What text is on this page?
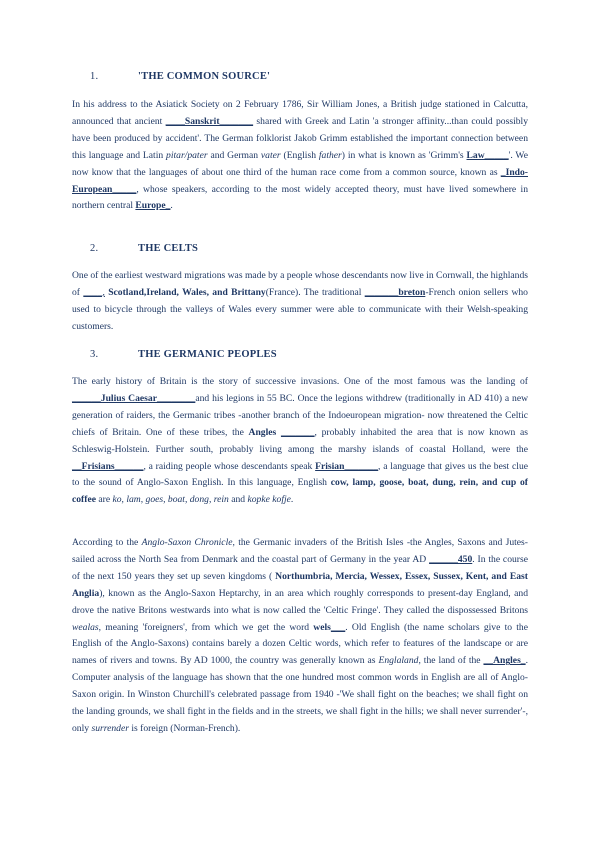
1.	'THE COMMON SOURCE'

In his address to the Asiatick Society on 2 February 1786, Sir William Jones, a British judge stationed in Calcutta, announced that ancient ____Sanskrit_______ shared with Greek and Latin 'a stronger affinity...than could possibly have been produced by accident'. The German folklorist Jakob Grimm established the important connection between this language and Latin pitar/pater and German vater (English father) in what is known as 'Grimm's Law_____'. We now know that the languages of about one third of the human race come from a common source, known as _Indo-European_____, whose speakers, according to the most widely accepted theory, must have lived somewhere in northern central Europe_.

2.	THE CELTS

One of the earliest westward migrations was made by a people whose descendants now live in Cornwall, the highlands of ____, Scotland,Ireland, Wales, and Brittany(France). The traditional _______breton-French onion sellers who used to bicycle through the valleys of Wales every summer were able to communicate with their Welsh-speaking customers.

3.	THE GERMANIC PEOPLES

The early history of Britain is the story of successive invasions. One of the most famous was the landing of ______Julius Caesar________and his legions in 55 BC. Once the legions withdrew (traditionally in AD 410) a new generation of raiders, the Germanic tribes -another branch of the Indoeuropean migration- now threatened the Celtic chiefs of Britain. One of these tribes, the Angles _______, probably inhabited the area that is now known as Schleswig-Holstein. Further south, probably living among the marshy islands of coastal Holland, were the __Frisians______, a raiding people whose descendants speak Frisian_______, a language that gives us the best clue to the sound of Anglo-Saxon English. In this language, English cow, lamp, goose, boat, dung, rein, and cup of coffee are ko, lam, goes, boat, dong, rein and kopke kofje.

According to the Anglo-Saxon Chronicle, the Germanic invaders of the British Isles -the Angles, Saxons and Jutes- sailed across the North Sea from Denmark and the coastal part of Germany in the year AD ______450. In the course of the next 150 years they set up seven kingdoms ( Northumbria, Mercia, Wessex, Essex, Sussex, Kent, and East Anglia), known as the Anglo-Saxon Heptarchy, in an area which roughly corresponds to present-day England, and drove the native Britons westwards into what is now called the 'Celtic Fringe'. They called the dispossessed Britons wealas, meaning 'foreigners', from which we get the word wels___. Old English (the name scholars give to the English of the Anglo-Saxons) contains barely a dozen Celtic words, which refer to features of the landscape or are names of rivers and towns. By AD 1000, the country was generally known as Englaland, the land of the __Angles_. Computer analysis of the language has shown that the one hundred most common words in English are all of Anglo-Saxon origin. In Winston Churchill's celebrated passage from 1940 -'We shall fight on the beaches; we shall fight on the landing grounds, we shall fight in the fields and in the streets, we shall fight in the hills; we shall never surrender'-, only surrender is foreign (Norman-French).
